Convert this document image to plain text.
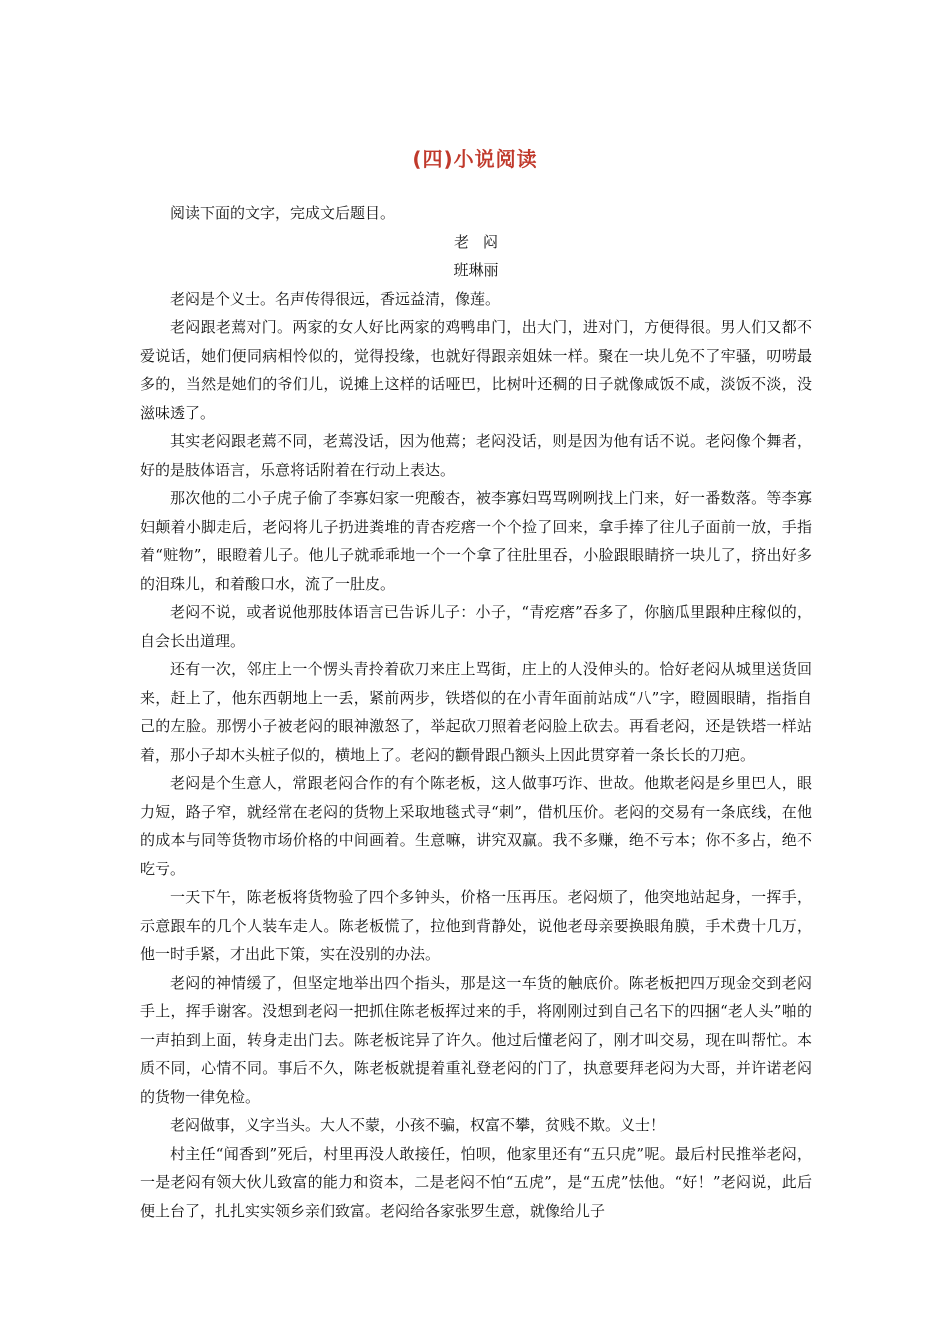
(四)小说阅读

阅读下面的文字，完成文后题目。

老闷

班琳丽

老闷是个义士。名声传得很远，香远益清，像莲。

老闷跟老蔫对门。两家的女人好比两家的鸡鸭串门，出大门，进对门，方便得很。男人们又都不爱说话，她们便同病相怜似的，觉得投缘，也就好得跟亲姐妹一样。聚在一块儿免不了牢骚，叨唠最多的，当然是她们的爷们儿，说摊上这样的话哑巴，比树叶还稠的日子就像咸饭不咸，淡饭不淡，没滋味透了。

其实老闷跟老蔫不同，老蔫没话，因为他蔫；老闷没话，则是因为他有话不说。老闷像个舞者，好的是肢体语言，乐意将话附着在行动上表达。

那次他的二小子虎子偷了李寡妇家一兜酸杏，被李寡妇骂骂咧咧找上门来，好一番数落。等李寡妇颠着小脚走后，老闷将儿子扔进粪堆的青杏疙瘩一个个捡了回来，拿手捧了往儿子面前一放，手指着“赃物”，眼瞪着儿子。他儿子就乖乖地一个一个拿了往肚里吞，小脸跟眼睛挤一块儿了，挤出好多的泪珠儿，和着酸口水，流了一肚皮。

老闷不说，或者说他那肢体语言已告诉儿子：小子，“青疙瘩”吞多了，你脑瓜里跟种庄稼似的，自会长出道理。

还有一次，邻庄上一个愣头青拎着砍刀来庄上骂街，庄上的人没伸头的。恰好老闷从城里送货回来，赶上了，他东西朝地上一丢，紧前两步，铁塔似的在小青年面前站成“八”字，瞪圆眼睛，指指自己的左脸。那愣小子被老闷的眼神激怒了，举起砍刀照着老闷脸上砍去。再看老闷，还是铁塔一样站着，那小子却木头桩子似的，横地上了。老闷的颧骨跟凸额头上因此贯穿着一条长长的刀疤。

老闷是个生意人，常跟老闷合作的有个陈老板，这人做事巧诈、世故。他欺老闷是乡里巴人，眼力短，路子窄，就经常在老闷的货物上采取地毯式寻“刺”，借机压价。老闷的交易有一条底线，在他的成本与同等货物市场价格的中间画着。生意嘛，讲究双赢。我不多赚，绝不亏本；你不多占，绝不吃亏。

一天下午，陈老板将货物验了四个多钟头，价格一压再压。老闷烦了，他突地站起身，一挥手，示意跟车的几个人装车走人。陈老板慌了，拉他到背静处，说他老母亲要换眼角膜，手术费十几万，他一时手紧，才出此下策，实在没别的办法。

老闷的神情缓了，但坚定地举出四个指头，那是这一车货的触底价。陈老板把四万现金交到老闷手上，挥手谢客。没想到老闷一把抓住陈老板挥过来的手，将刚刚过到自己名下的四捆“老人头”啪的一声拍到上面，转身走出门去。陈老板诧异了许久。他过后懂老闷了，刚才叫交易，现在叫帮忙。本质不同，心情不同。事后不久，陈老板就提着重礼登老闷的门了，执意要拜老闷为大哥，并许诺老闷的货物一律免检。

老闷做事，义字当头。大人不蒙，小孩不骗，权富不攀，贫贱不欺。义士！

村主任“闻香到”死后，村里再没人敢接任，怕呗，他家里还有“五只虎”呢。最后村民推举老闷，一是老闷有领大伙儿致富的能力和资本，二是老闷不怕“五虎”，是“五虎”怯他。“好！”老闷说，此后便上台了，扎扎实实领乡亲们致富。老闷给各家张罗生意，就像给儿子
